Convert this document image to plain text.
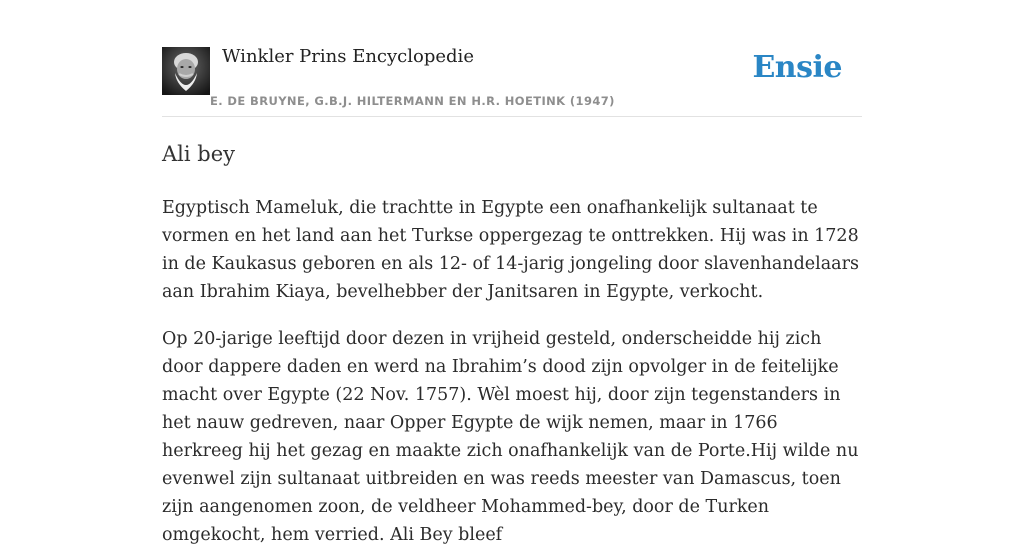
Winkler Prins Encyclopedie
E. DE BRUYNE, G.B.J. HILTERMANN EN H.R. HOETINK (1947)
Ensie
Ali bey

Egyptisch Mameluk, die trachtte in Egypte een onafhankelijk sultanaat te vormen en het land aan het Turkse oppergezag te onttrekken. Hij was in 1728 in de Kaukasus geboren en als 12- of 14-jarig jongeling door slavenhandelaars aan Ibrahim Kiaya, bevelhebber der Janitsaren in Egypte, verkocht.

Op 20-jarige leeftijd door dezen in vrijheid gesteld, onderscheidde hij zich door dappere daden en werd na Ibrahim’s dood zijn opvolger in de feitelijke macht over Egypte (22 Nov. 1757). Wèl moest hij, door zijn tegenstanders in het nauw gedreven, naar Opper Egypte de wijk nemen, maar in 1766 herkreeg hij het gezag en maakte zich onafhankelijk van de Porte.Hij wilde nu evenwel zijn sultanaat uitbreiden en was reeds meester van Damascus, toen zijn aangenomen zoon, de veldheer Mohammed-bey, door de Turken omgekocht, hem verried. Ali Bey bleef
